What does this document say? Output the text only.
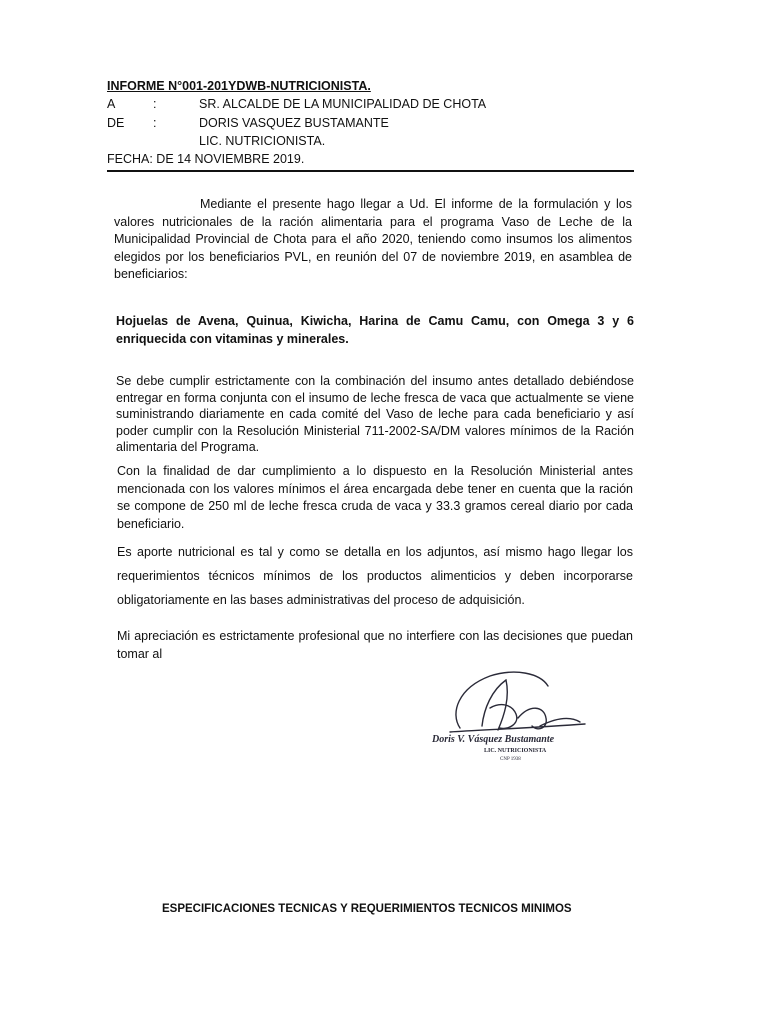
INFORME N°001-201YDWB-NUTRICIONISTA.
A	:	SR. ALCALDE DE LA MUNICIPALIDAD DE CHOTA
DE	:	DORIS VASQUEZ BUSTAMANTE
LIC. NUTRICIONISTA.
FECHA: DE 14 NOVIEMBRE 2019.

Mediante el presente hago llegar a Ud. El informe de la formulación y los valores nutricionales de la ración alimentaria para el programa Vaso de Leche de la Municipalidad Provincial de Chota para el año 2020, teniendo como insumos los alimentos elegidos por los beneficiarios PVL, en reunión del 07 de noviembre 2019, en asamblea de beneficiarios:

Hojuelas de Avena, Quinua, Kiwicha, Harina de Camu Camu, con Omega 3 y 6 enriquecida con vitaminas y minerales.

Se debe cumplir estrictamente con la combinación del insumo antes detallado debiéndose entregar en forma conjunta con el insumo de leche fresca de vaca que actualmente se viene suministrando diariamente en cada comité del Vaso de leche para cada beneficiario y así poder cumplir con la Resolución Ministerial 711-2002-SA/DM valores mínimos de la Ración alimentaria del Programa.

Con la finalidad de dar cumplimiento a lo dispuesto en la Resolución Ministerial antes mencionada con los valores mínimos el área encargada debe tener en cuenta que la ración se compone de 250 ml de leche fresca cruda de vaca y 33.3 gramos cereal diario por cada beneficiario.

Es aporte nutricional es tal y como se detalla en los adjuntos, así mismo hago llegar los requerimientos técnicos mínimos de los productos alimenticios y deben incorporarse obligatoriamente en las bases administrativas del proceso de adquisición.

Mi apreciación es estrictamente profesional que no interfiere con las decisiones que puedan tomar al

Doris V. Vásquez Bustamante
LIC. NUTRICIONISTA
CNP 1938
ESPECIFICACIONES TECNICAS Y REQUERIMIENTOS TECNICOS MINIMOS
